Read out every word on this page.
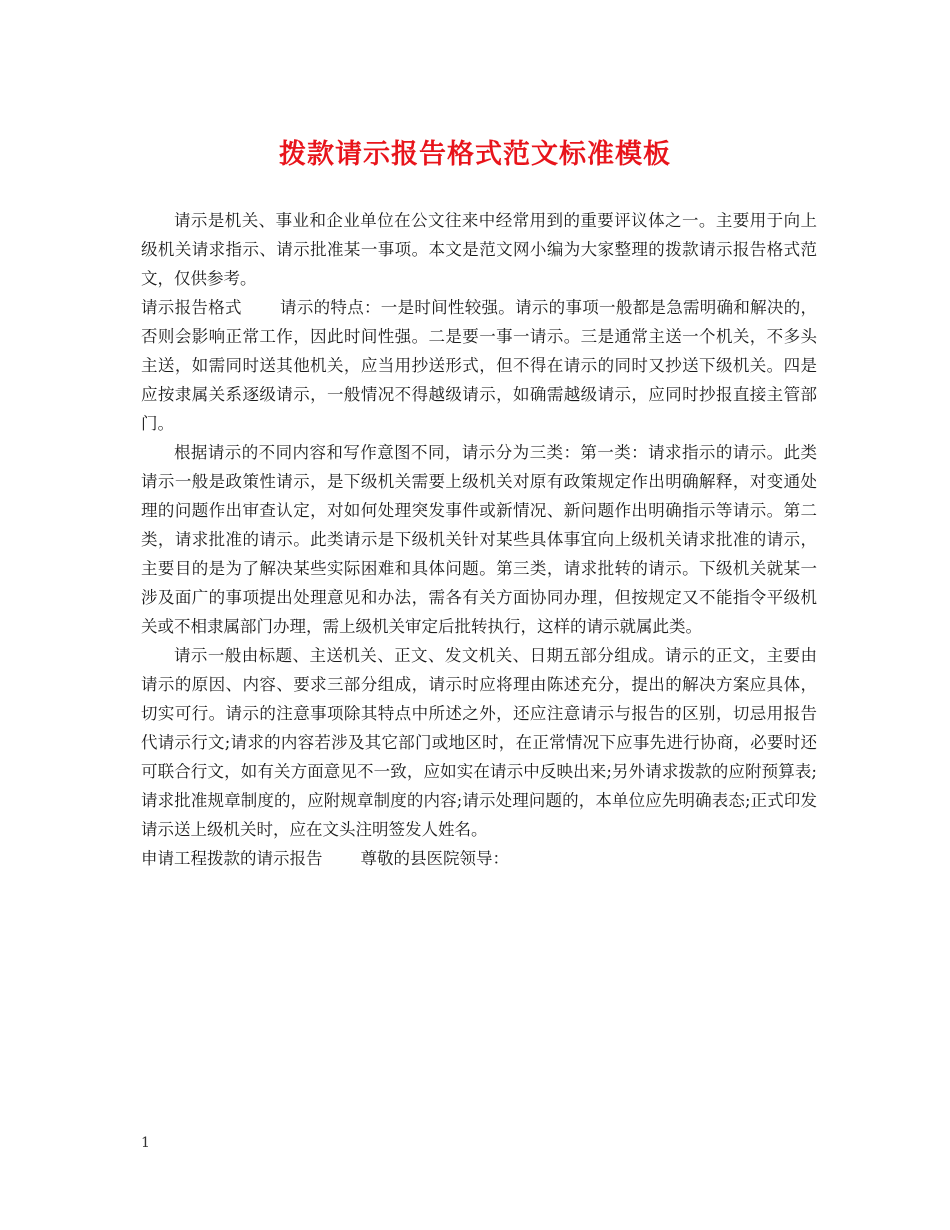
拨款请示报告格式范文标准模板

请示是机关、事业和企业单位在公文往来中经常用到的重要评议体之一。主要用于向上级机关请求指示、请示批准某一事项。本文是范文网小编为大家整理的拨款请示报告格式范文，仅供参考。

请示报告格式 请示的特点：一是时间性较强。请示的事项一般都是急需明确和解决的，否则会影响正常工作，因此时间性强。二是要一事一请示。三是通常主送一个机关，不多头主送，如需同时送其他机关，应当用抄送形式，但不得在请示的同时又抄送下级机关。四是应按隶属关系逐级请示，一般情况不得越级请示，如确需越级请示，应同时抄报直接主管部门。

根据请示的不同内容和写作意图不同，请示分为三类：第一类：请求指示的请示。此类请示一般是政策性请示，是下级机关需要上级机关对原有政策规定作出明确解释，对变通处理的问题作出审查认定，对如何处理突发事件或新情况、新问题作出明确指示等请示。第二类，请求批准的请示。此类请示是下级机关针对某些具体事宜向上级机关请求批准的请示，主要目的是为了解决某些实际困难和具体问题。第三类，请求批转的请示。下级机关就某一涉及面广的事项提出处理意见和办法，需各有关方面协同办理，但按规定又不能指令平级机关或不相隶属部门办理，需上级机关审定后批转执行，这样的请示就属此类。

请示一般由标题、主送机关、正文、发文机关、日期五部分组成。请示的正文，主要由请示的原因、内容、要求三部分组成，请示时应将理由陈述充分，提出的解决方案应具体，切实可行。请示的注意事项除其特点中所述之外，还应注意请示与报告的区别，切忌用报告代请示行文;请求的内容若涉及其它部门或地区时，在正常情况下应事先进行协商，必要时还可联合行文，如有关方面意见不一致，应如实在请示中反映出来;另外请求拨款的应附预算表;请求批准规章制度的，应附规章制度的内容;请示处理问题的，本单位应先明确表态;正式印发请示送上级机关时，应在文头注明签发人姓名。

申请工程拨款的请示报告 尊敬的县医院领导：

1
